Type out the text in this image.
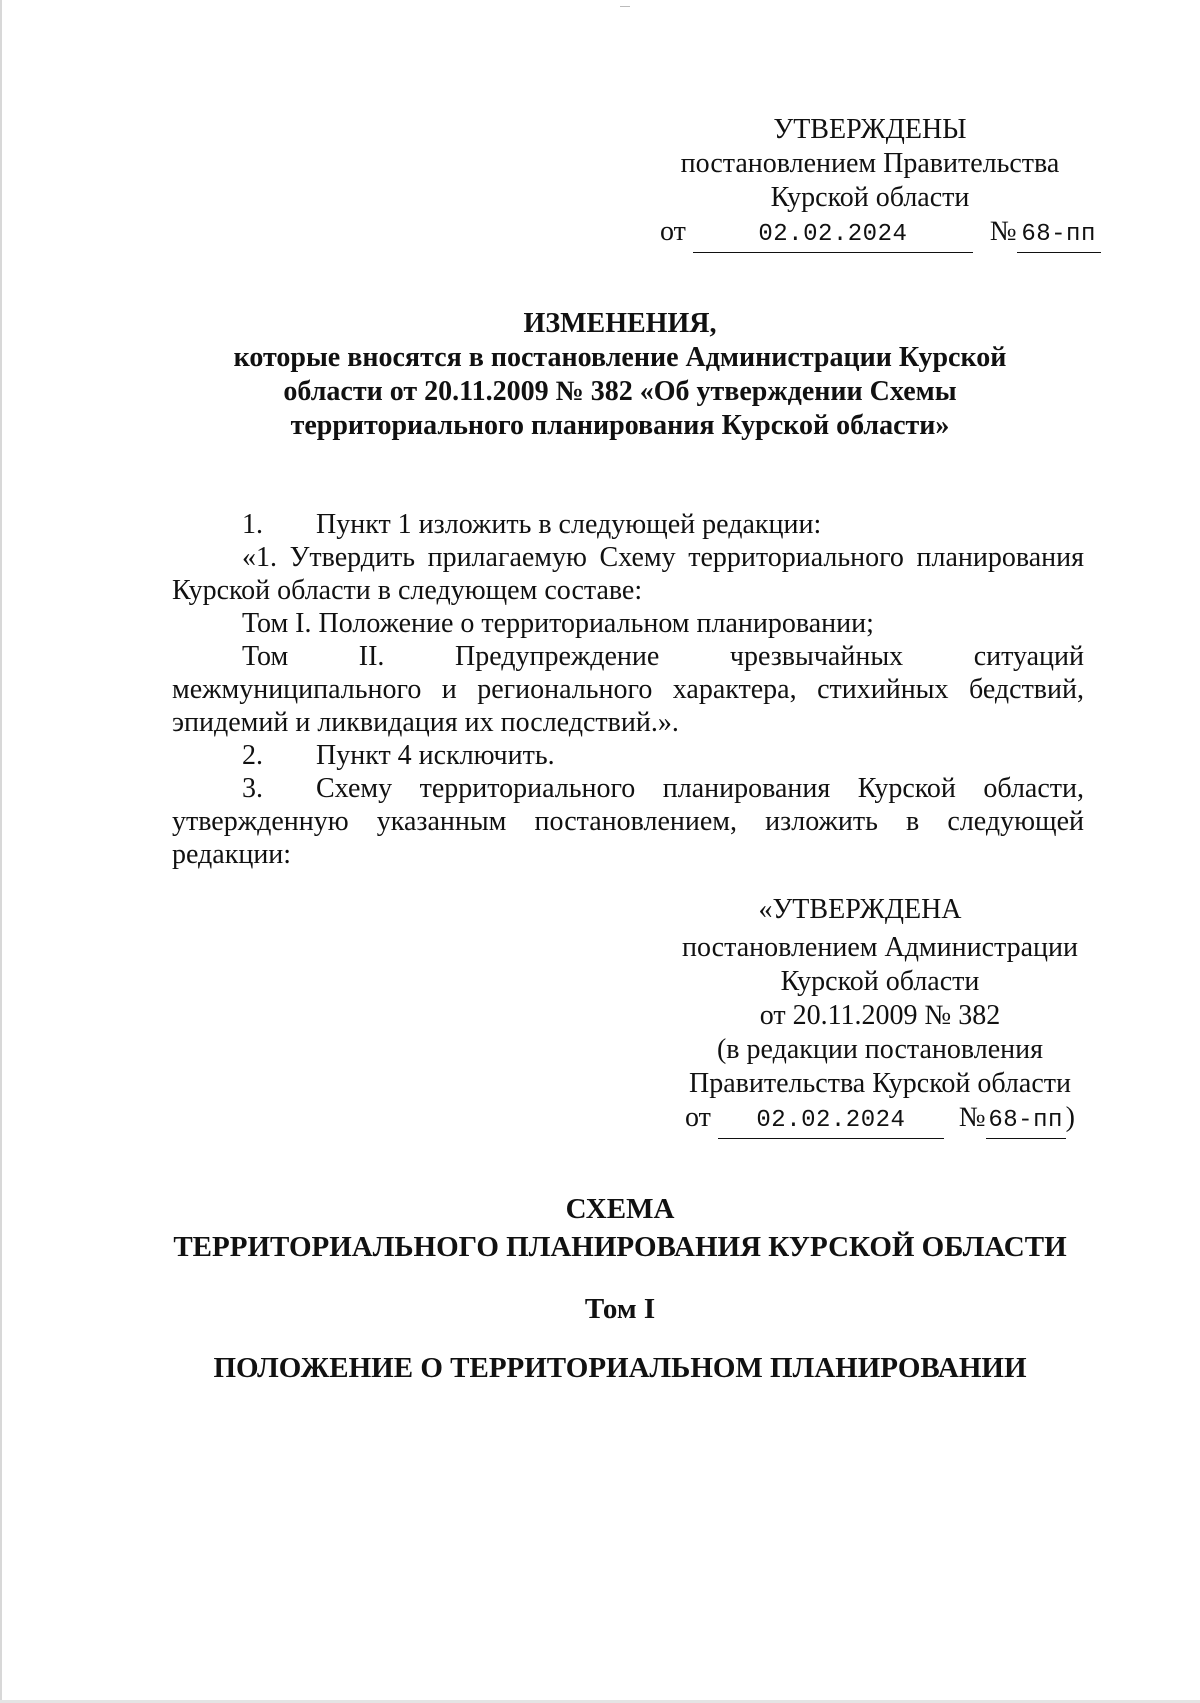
УТВЕРЖДЕНЫ
постановлением Правительства
Курской области
от	02.02.2024	№ 68-пп
ИЗМЕНЕНИЯ,
которые вносятся в постановление Администрации Курской
области от 20.11.2009 № 382 «Об утверждении Схемы
территориального планирования Курской области»
1. Пункт 1 изложить в следующей редакции:
«1. Утвердить прилагаемую Схему территориального планирования
Курской области в следующем составе:
Том I. Положение о территориальном планировании;
Том II. Предупреждение чрезвычайных ситуаций
межмуниципального и регионального характера, стихийных бедствий,
эпидемий и ликвидация их последствий.».
2. Пункт 4 исключить.
3.	Схему территориального планирования Курской области,
утвержденную указанным постановлением, изложить в следующей
редакции:
«УТВЕРЖДЕНА
постановлением Администрации
Курской области
от 20.11.2009 № 382
(в редакции постановления
Правительства Курской области
от 02.02.2024 № 68-пп)
СХЕМА
ТЕРРИТОРИАЛЬНОГО ПЛАНИРОВАНИЯ КУРСКОЙ ОБЛАСТИ
Том I
ПОЛОЖЕНИЕ О ТЕРРИТОРИАЛЬНОМ ПЛАНИРОВАНИИ
